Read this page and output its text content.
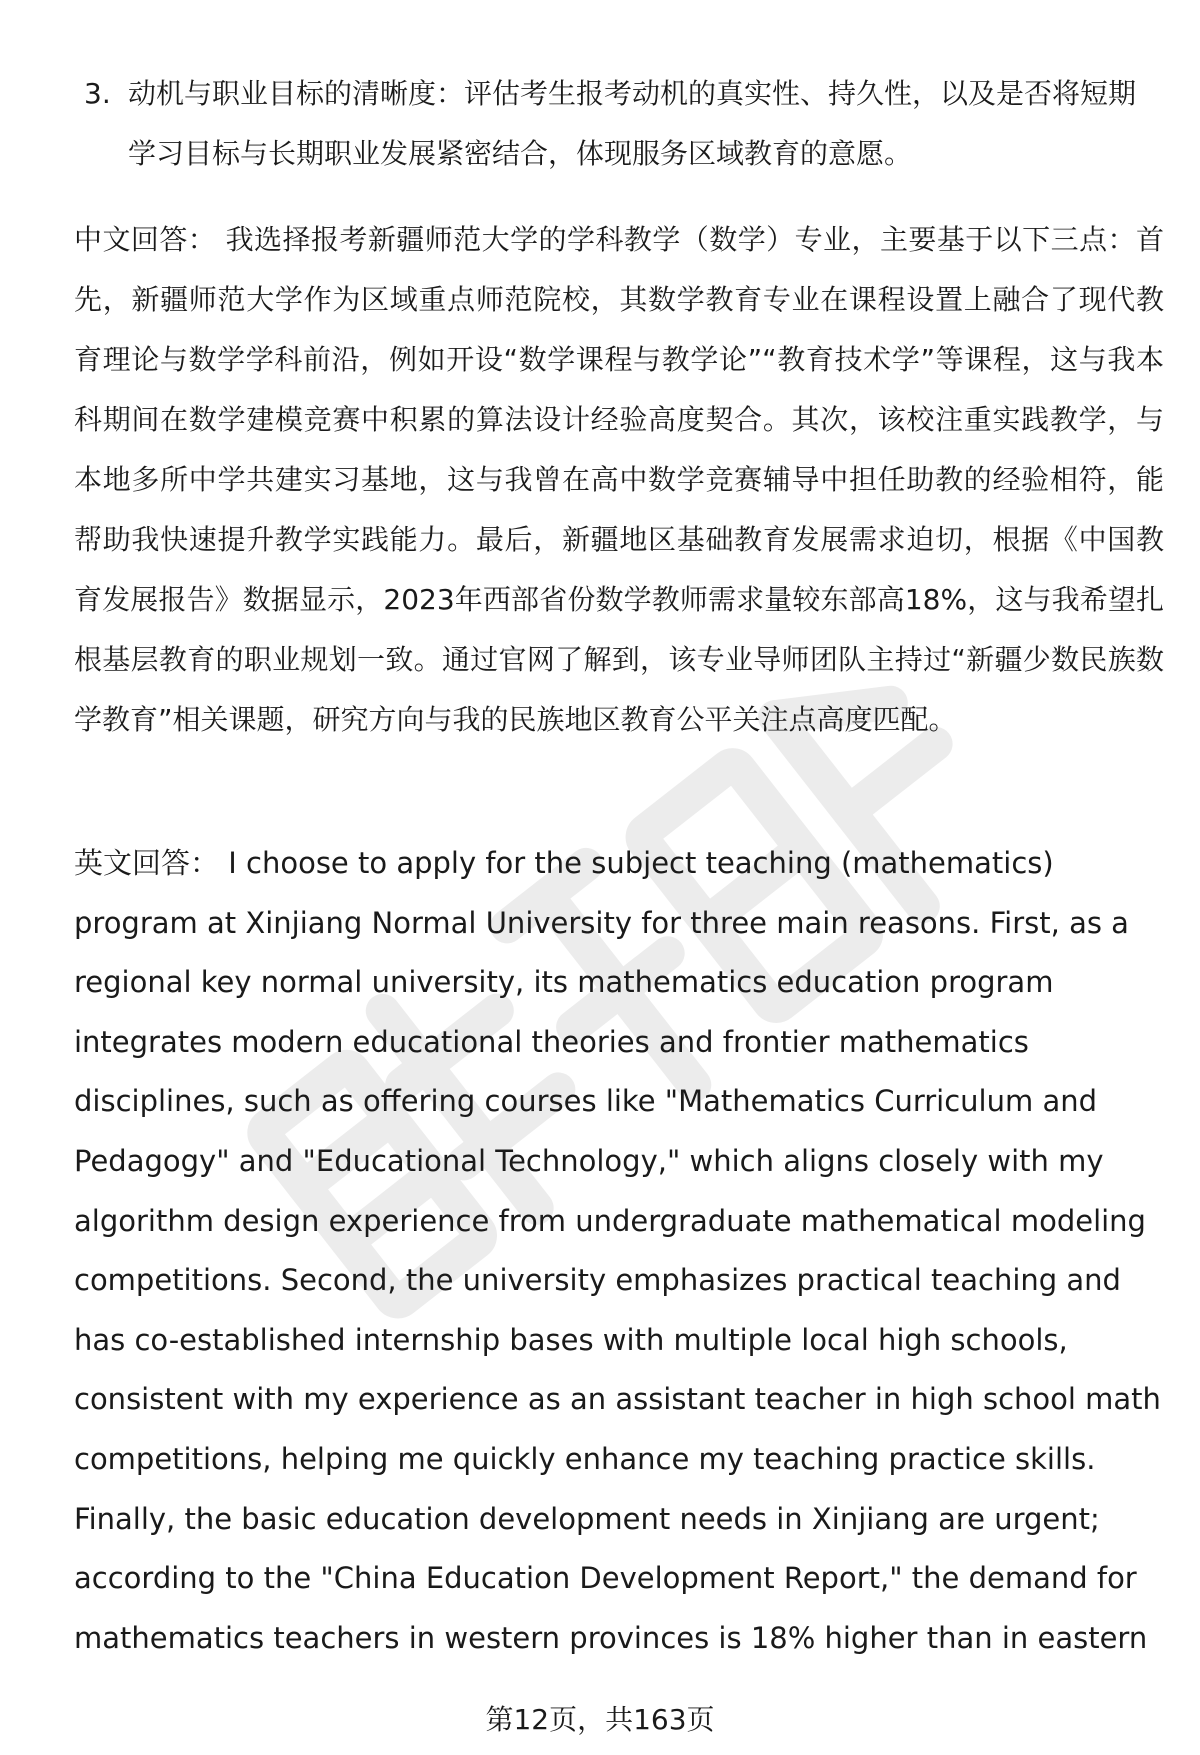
3. 动机与职业目标的清晰度：评估考生报考动机的真实性、持久性，以及是否将短期学习目标与长期职业发展紧密结合，体现服务区域教育的意愿。
中文回答： 我选择报考新疆师范大学的学科教学（数学）专业，主要基于以下三点：首先，新疆师范大学作为区域重点师范院校，其数学教育专业在课程设置上融合了现代教育理论与数学学科前沿，例如开设“数学课程与教学论”“教育技术学”等课程，这与我本科期间在数学建模竞赛中积累的算法设计经验高度契合。其次，该校注重实践教学，与本地多所中学共建实习基地，这与我曾在高中数学竞赛辅导中担任助教的经验相符，能帮助我快速提升教学实践能力。最后，新疆地区基础教育发展需求迫切，根据《中国教育发展报告》数据显示，2023年西部省份数学教师需求量较东部高18%，这与我希望扎根基层教育的职业规划一致。通过官网了解到，该专业导师团队主持过“新疆少数民族数学教育”相关课题，研究方向与我的民族地区教育公平关注点高度匹配。
英文回答： I choose to apply for the subject teaching (mathematics) program at Xinjiang Normal University for three main reasons. First, as a regional key normal university, its mathematics education program integrates modern educational theories and frontier mathematics disciplines, such as offering courses like "Mathematics Curriculum and Pedagogy" and "Educational Technology," which aligns closely with my algorithm design experience from undergraduate mathematical modeling competitions. Second, the university emphasizes practical teaching and has co-established internship bases with multiple local high schools, consistent with my experience as an assistant teacher in high school math competitions, helping me quickly enhance my teaching practice skills. Finally, the basic education development needs in Xinjiang are urgent; according to the "China Education Development Report," the demand for mathematics teachers in western provinces is 18% higher than in eastern
第12页，共163页
